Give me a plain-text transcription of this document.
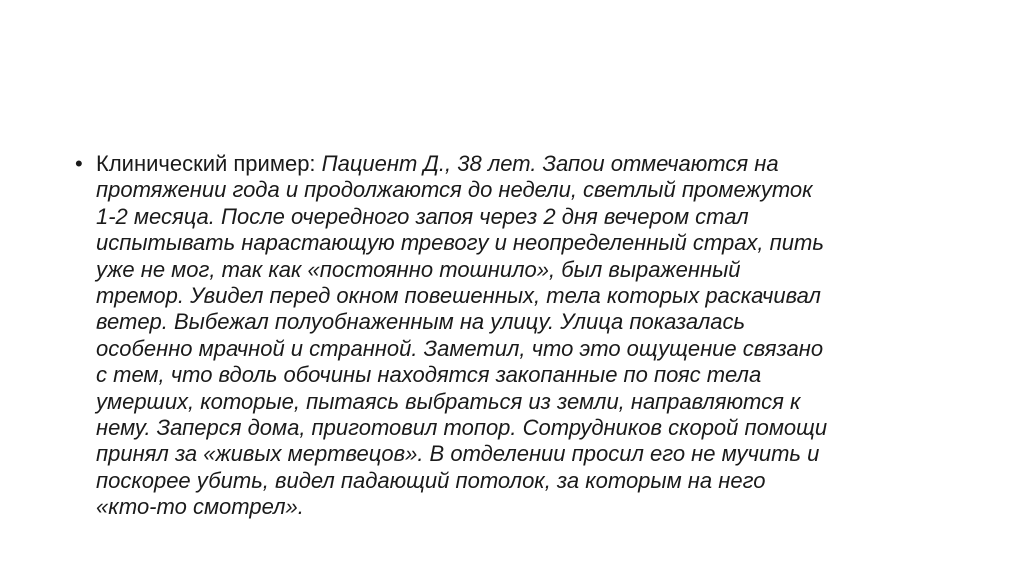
• Клинический пример: Пациент Д., 38 лет. Запои отмечаются на
протяжении года и продолжаются до недели, светлый промежуток
1-2 месяца. После очередного запоя через 2 дня вечером стал
испытывать нарастающую тревогу и неопределенный страх, пить
уже не мог, так как «постоянно тошнило», был выраженный
тремор. Увидел перед окном повешенных, тела которых раскачивал
ветер. Выбежал полуобнаженным на улицу. Улица показалась
особенно мрачной и странной. Заметил, что это ощущение связано
с тем, что вдоль обочины находятся закопанные по пояс тела
умерших, которые, пытаясь выбраться из земли, направляются к
нему. Заперся дома, приготовил топор. Сотрудников скорой помощи
принял за «живых мертвецов». В отделении просил его не мучить и
поскорее убить, видел падающий потолок, за которым на него
«кто-то смотрел».
